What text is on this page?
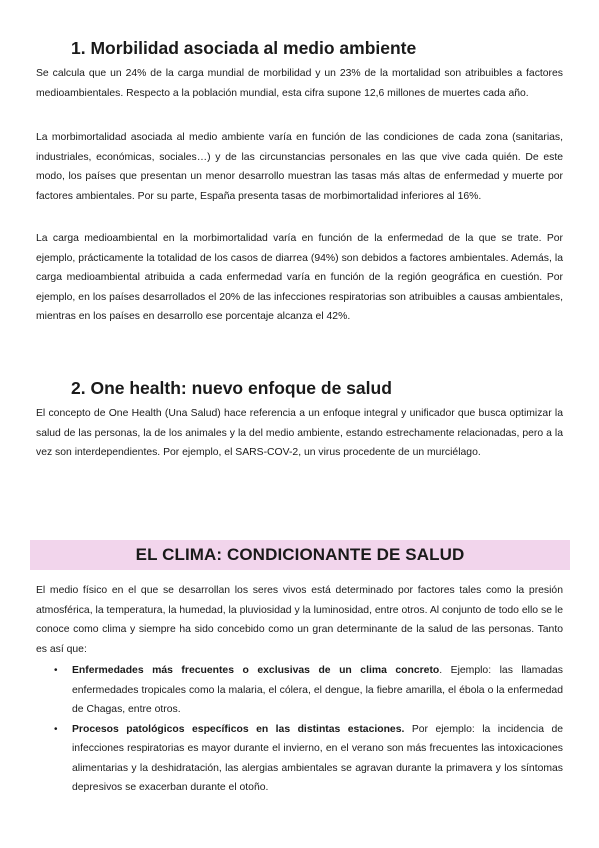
1. Morbilidad asociada al medio ambiente

Se calcula que un 24% de la carga mundial de morbilidad y un 23% de la mortalidad son atribuibles a factores medioambientales. Respecto a la población mundial, esta cifra supone 12,6 millones de muertes cada año.

La morbimortalidad asociada al medio ambiente varía en función de las condiciones de cada zona (sanitarias, industriales, económicas, sociales…) y de las circunstancias personales en las que vive cada quién. De este modo, los países que presentan un menor desarrollo muestran las tasas más altas de enfermedad y muerte por factores ambientales. Por su parte, España presenta tasas de morbimortalidad inferiores al 16%.

La carga medioambiental en la morbimortalidad varía en función de la enfermedad de la que se trate. Por ejemplo, prácticamente la totalidad de los casos de diarrea (94%) son debidos a factores ambientales. Además, la carga medioambiental atribuida a cada enfermedad varía en función de la región geográfica en cuestión. Por ejemplo, en los países desarrollados el 20% de las infecciones respiratorias son atribuibles a causas ambientales, mientras en los países en desarrollo ese porcentaje alcanza el 42%.

2. One health: nuevo enfoque de salud

El concepto de One Health (Una Salud) hace referencia a un enfoque integral y unificador que busca optimizar la salud de las personas, la de los animales y la del medio ambiente, estando estrechamente relacionadas, pero a la vez son interdependientes. Por ejemplo, el SARS-COV-2, un virus procedente de un murciélago.

EL CLIMA: CONDICIONANTE DE SALUD

El medio físico en el que se desarrollan los seres vivos está determinado por factores tales como la presión atmosférica, la temperatura, la humedad, la pluviosidad y la luminosidad, entre otros. Al conjunto de todo ello se le conoce como clima y siempre ha sido concebido como un gran determinante de la salud de las personas. Tanto es así que:

• Enfermedades más frecuentes o exclusivas de un clima concreto. Ejemplo: las llamadas enfermedades tropicales como la malaria, el cólera, el dengue, la fiebre amarilla, el ébola o la enfermedad de Chagas, entre otros.
• Procesos patológicos específicos en las distintas estaciones. Por ejemplo: la incidencia de infecciones respiratorias es mayor durante el invierno, en el verano son más frecuentes las intoxicaciones alimentarias y la deshidratación, las alergias ambientales se agravan durante la primavera y los síntomas depresivos se exacerban durante el otoño.
